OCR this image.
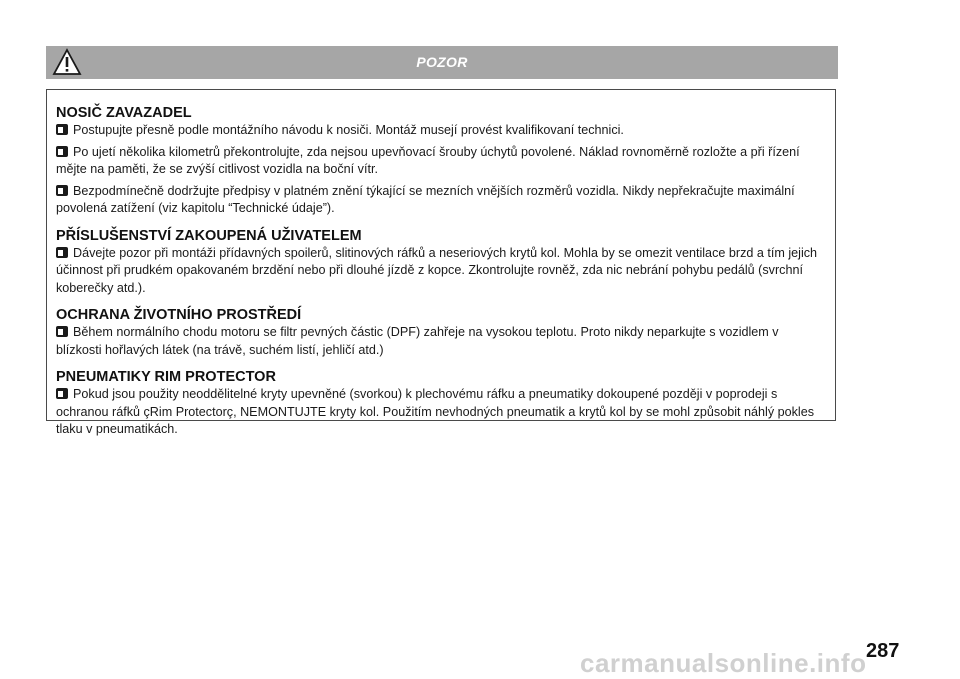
POZOR
NOSIČ ZAVAZADEL

Postupujte přesně podle montážního návodu k nosiči. Montáž musejí provést kvalifikovaní technici.

Po ujetí několika kilometrů překontrolujte, zda nejsou upevňovací šrouby úchytů povolené. Náklad rovnoměrně rozložte a při řízení mějte na paměti, že se zvýší citlivost vozidla na boční vítr.

Bezpodmínečně dodržujte předpisy v platném znění týkající se mezních vnějších rozměrů vozidla. Nikdy nepřekračujte maximální povolená zatížení (viz kapitolu “Technické údaje”).

PŘÍSLUŠENSTVÍ ZAKOUPENÁ UŽIVATELEM

Dávejte pozor při montáži přídavných spoilerů, slitinových ráfků a neseriových krytů kol. Mohla by se omezit ventilace brzd a tím jejich účinnost při prudkém opakovaném brzdění nebo při dlouhé jízdě z kopce. Zkontrolujte rovněž, zda nic nebrání pohybu pedálů (svrchní koberečky atd.).

OCHRANA ŽIVOTNÍHO PROSTŘEDÍ

Během normálního chodu motoru se filtr pevných částic (DPF) zahřeje na vysokou teplotu. Proto nikdy neparkujte s vozidlem v blízkosti hořlavých látek (na trávě, suchém listí, jehličí atd.)

PNEUMATIKY RIM PROTECTOR

Pokud jsou použity neoddělitelné kryty upevněné (svorkou) k plechovému ráfku a pneumatiky dokoupené později v poprodeji s ochranou ráfků çRim Protectorç, NEMONTUJTE kryty kol. Použitím nevhodných pneumatik a krytů kol by se mohl způsobit náhlý pokles tlaku v pneumatikách.

carmanualsonline.info 287
